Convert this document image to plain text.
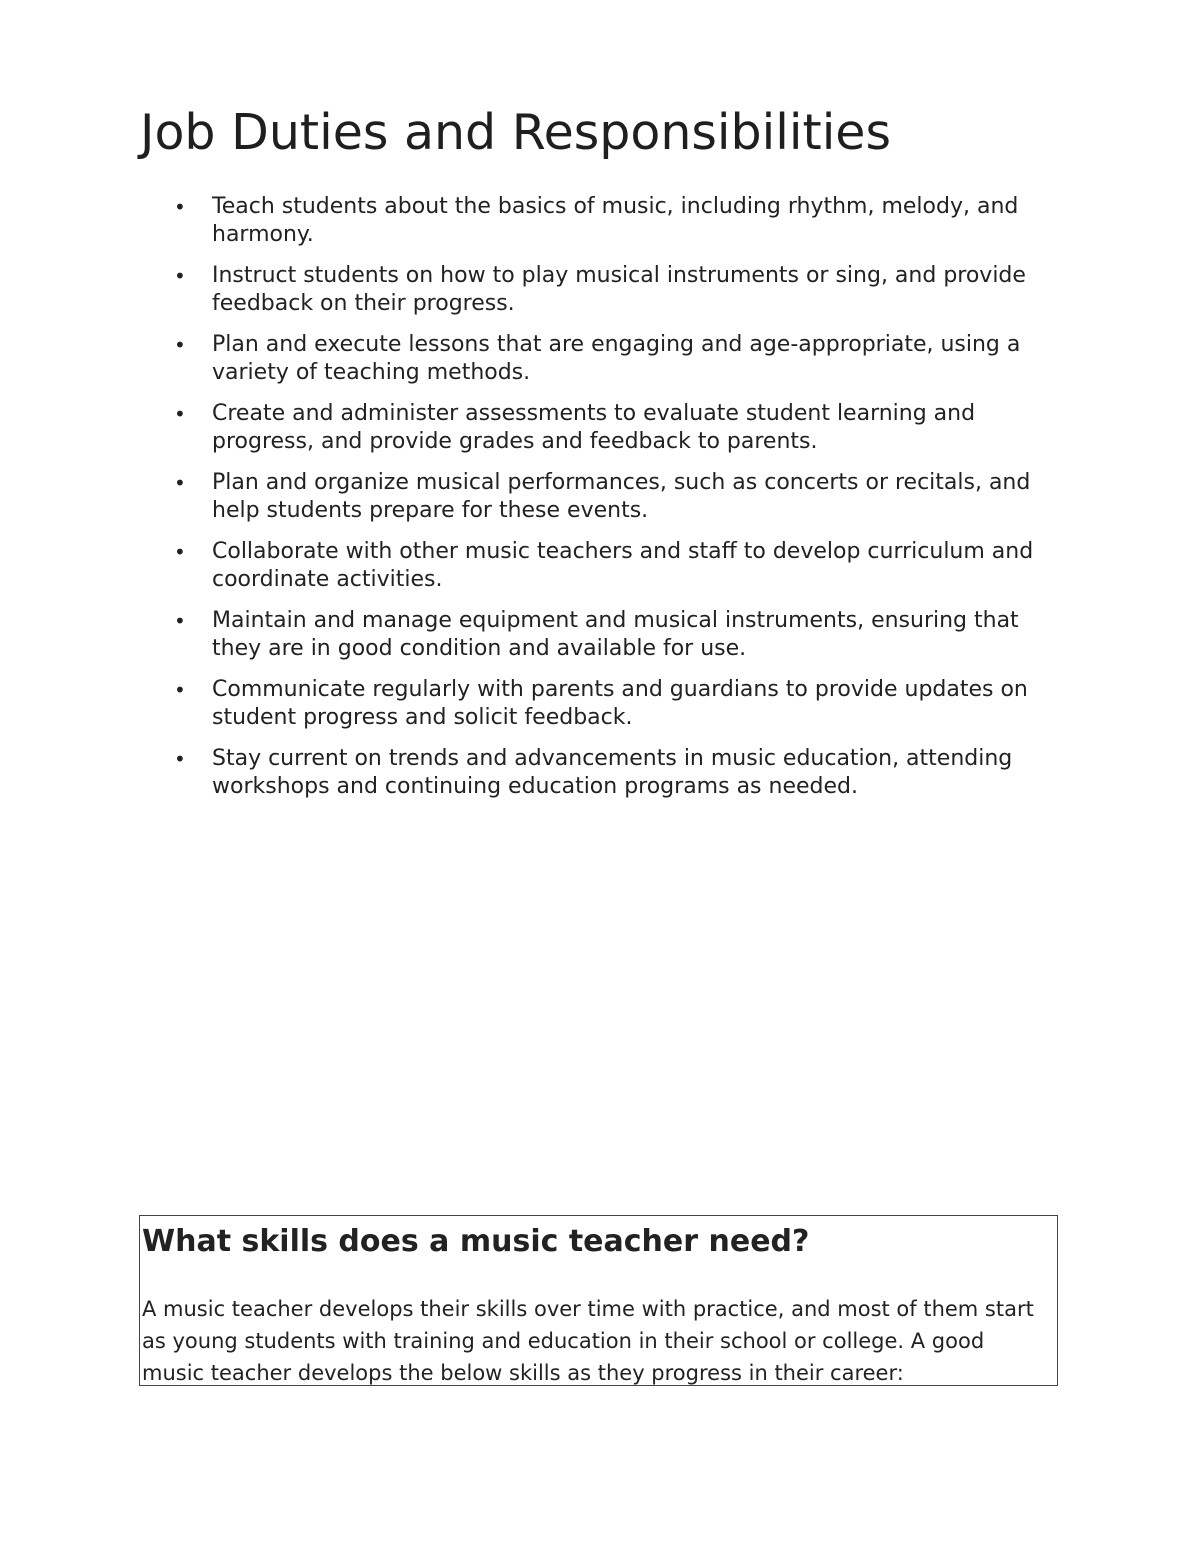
Job Duties and Responsibilities
• Teach students about the basics of music, including rhythm, melody, and harmony.
• Instruct students on how to play musical instruments or sing, and provide feedback on their progress.
• Plan and execute lessons that are engaging and age-appropriate, using a variety of teaching methods.
• Create and administer assessments to evaluate student learning and progress, and provide grades and feedback to parents.
• Plan and organize musical performances, such as concerts or recitals, and help students prepare for these events.
• Collaborate with other music teachers and staff to develop curriculum and coordinate activities.
• Maintain and manage equipment and musical instruments, ensuring that they are in good condition and available for use.
• Communicate regularly with parents and guardians to provide updates on student progress and solicit feedback.
• Stay current on trends and advancements in music education, attending workshops and continuing education programs as needed.
What skills does a music teacher need?

A music teacher develops their skills over time with practice, and most of them start as young students with training and education in their school or college. A good music teacher develops the below skills as they progress in their career:
